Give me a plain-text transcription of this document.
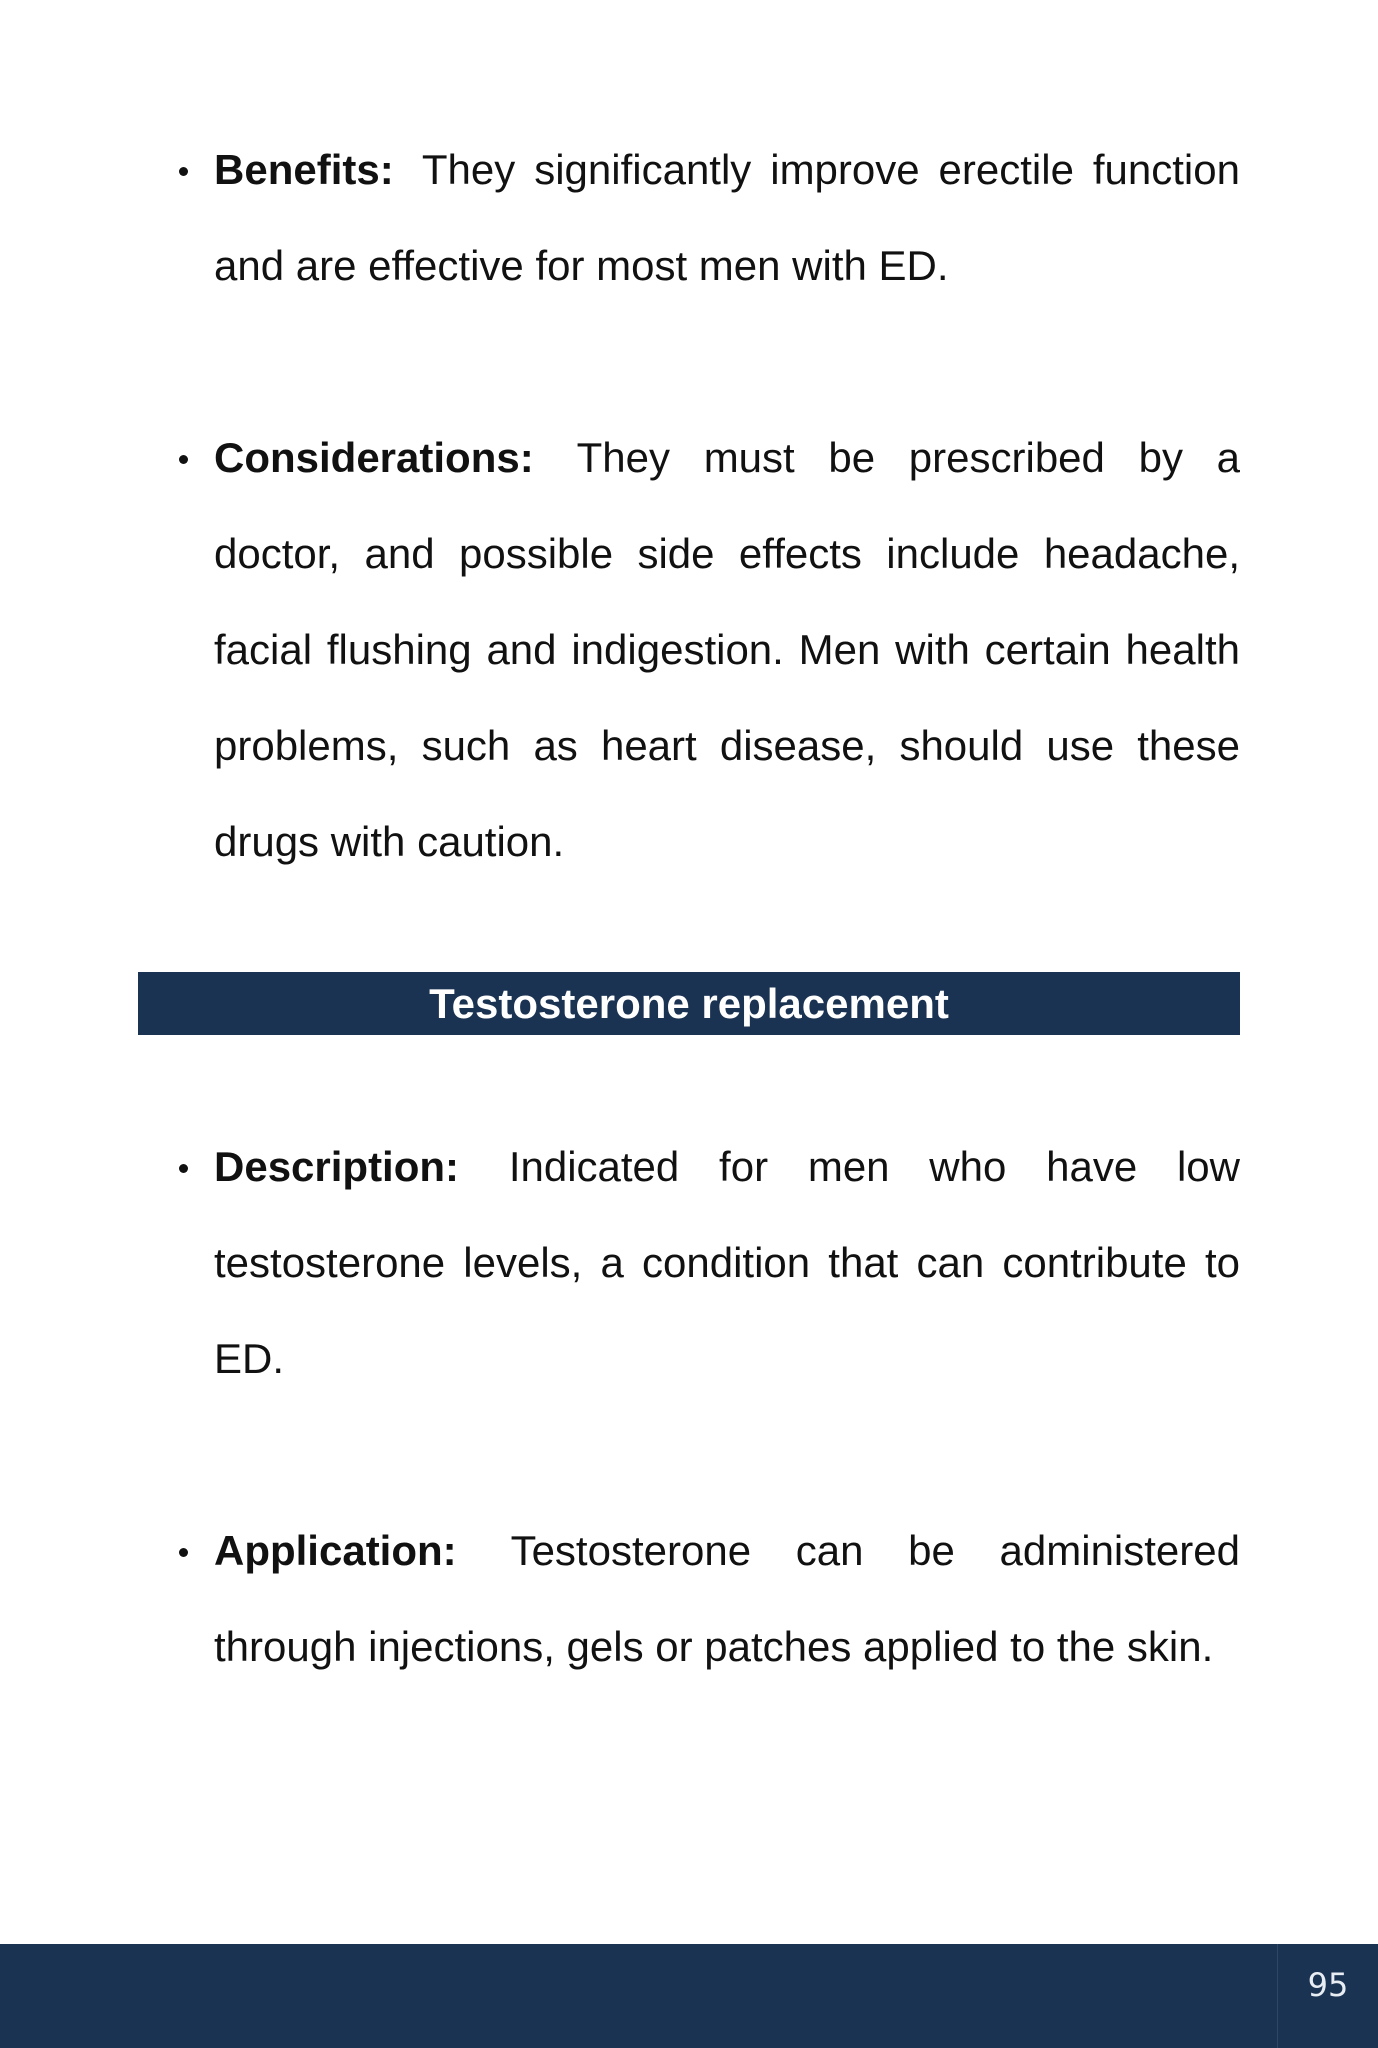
Benefits: They significantly improve erectile function and are effective for most men with ED.
Considerations: They must be prescribed by a doctor, and possible side effects include headache, facial flushing and indigestion. Men with certain health problems, such as heart disease, should use these drugs with caution.
Testosterone replacement
Description: Indicated for men who have low testosterone levels, a condition that can contribute to ED.
Application: Testosterone can be administered through injections, gels or patches applied to the skin.
95
